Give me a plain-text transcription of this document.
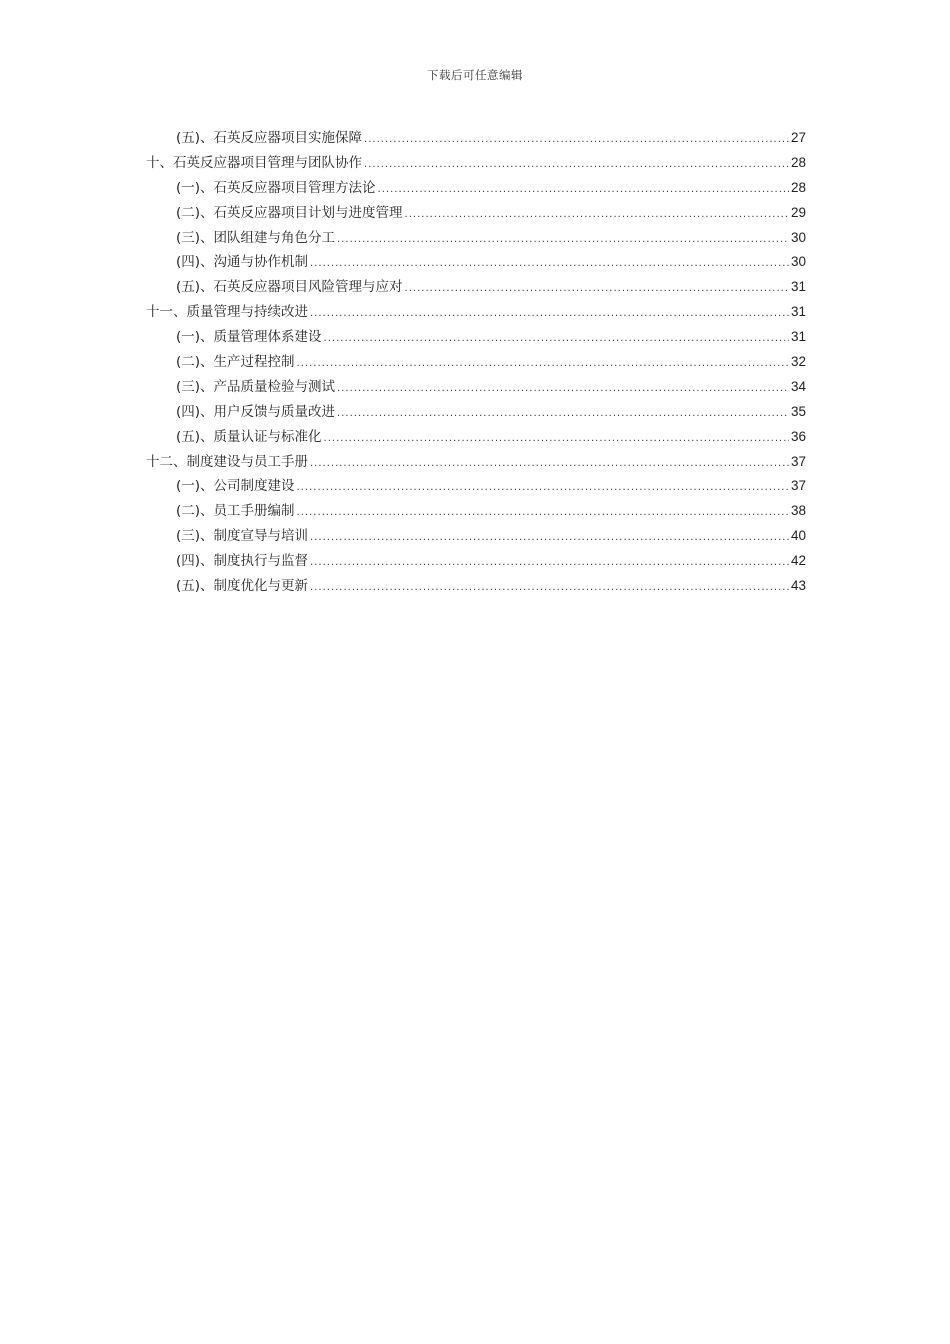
下载后可任意编辑
(五)、石英反应器项目实施保障 .....	27
十、石英反应器项目管理与团队协作 .....	28
(一)、石英反应器项目管理方法论 .....	28
(二)、石英反应器项目计划与进度管理 .....	29
(三)、团队组建与角色分工 .....	30
(四)、沟通与协作机制 .....	30
(五)、石英反应器项目风险管理与应对 .....	31
十一、质量管理与持续改进 .....	31
(一)、质量管理体系建设 .....	31
(二)、生产过程控制 .....	32
(三)、产品质量检验与测试 .....	34
(四)、用户反馈与质量改进 .....	35
(五)、质量认证与标准化 .....	36
十二、制度建设与员工手册 .....	37
(一)、公司制度建设 .....	37
(二)、员工手册编制 .....	38
(三)、制度宣导与培训 .....	40
(四)、制度执行与监督 .....	42
(五)、制度优化与更新 .....	43
